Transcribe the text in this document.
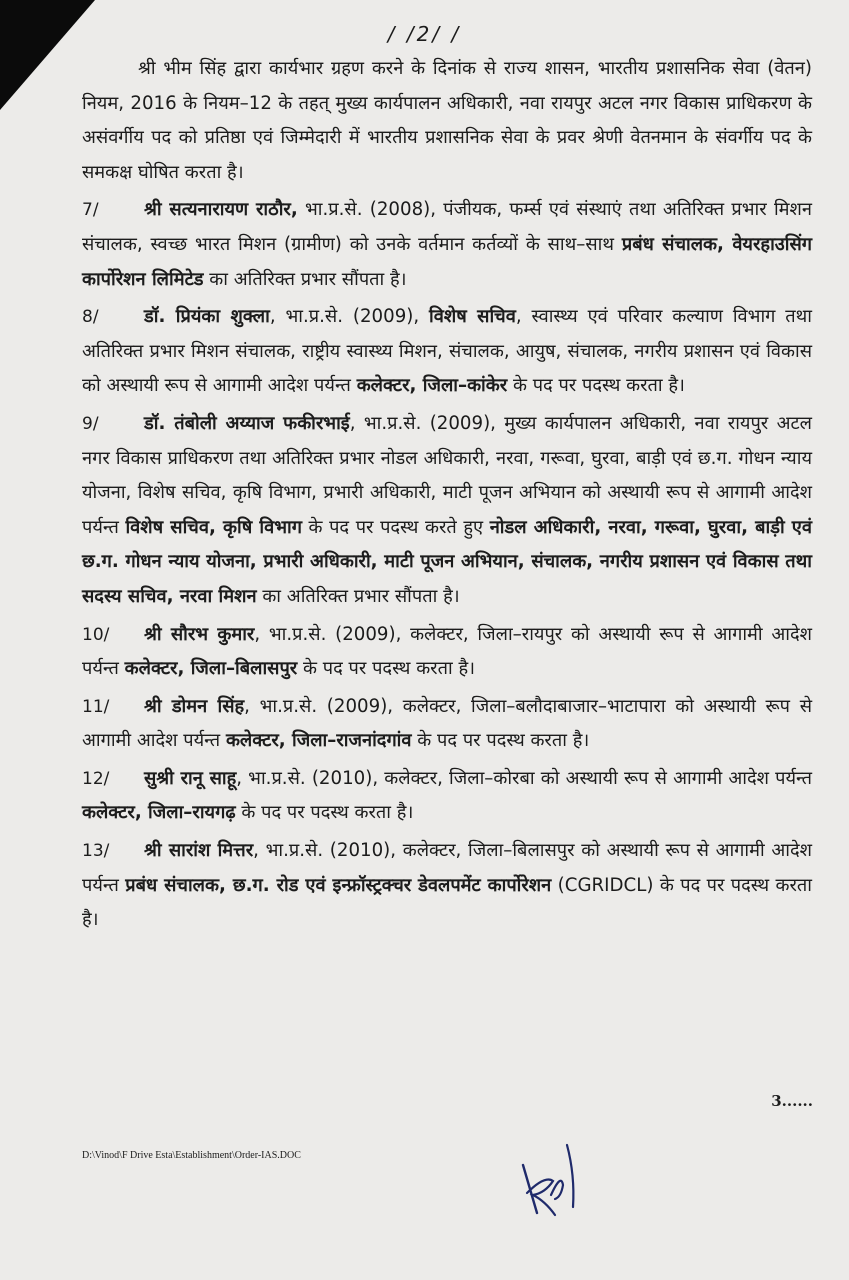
/ /2/ /

श्री भीम सिंह द्वारा कार्यभार ग्रहण करने के दिनांक से राज्य शासन, भारतीय प्रशासनिक सेवा (वेतन) नियम, 2016 के नियम–12 के तहत् मुख्य कार्यपालन अधिकारी, नवा रायपुर अटल नगर विकास प्राधिकरण के असंवर्गीय पद को प्रतिष्ठा एवं जिम्मेदारी में भारतीय प्रशासनिक सेवा के प्रवर श्रेणी वेतनमान के संवर्गीय पद के समकक्ष घोषित करता है।

7/ श्री सत्यनारायण राठौर, भा.प्र.से. (2008), पंजीयक, फर्म्स एवं संस्थाएं तथा अतिरिक्त प्रभार मिशन संचालक, स्वच्छ भारत मिशन (ग्रामीण) को उनके वर्तमान कर्तव्यों के साथ–साथ प्रबंध संचालक, वेयरहाउसिंग कार्पोरेशन लिमिटेड का अतिरिक्त प्रभार सौंपता है।

8/ डॉ. प्रियंका शुक्ला, भा.प्र.से. (2009), विशेष सचिव, स्वास्थ्य एवं परिवार कल्याण विभाग तथा अतिरिक्त प्रभार मिशन संचालक, राष्ट्रीय स्वास्थ्य मिशन, संचालक, आयुष, संचालक, नगरीय प्रशासन एवं विकास को अस्थायी रूप से आगामी आदेश पर्यन्त कलेक्टर, जिला–कांकेर के पद पर पदस्थ करता है।

9/ डॉ. तंबोली अय्याज फकीरभाई, भा.प्र.से. (2009), मुख्य कार्यपालन अधिकारी, नवा रायपुर अटल नगर विकास प्राधिकरण तथा अतिरिक्त प्रभार नोडल अधिकारी, नरवा, गरूवा, घुरवा, बाड़ी एवं छ.ग. गोधन न्याय योजना, विशेष सचिव, कृषि विभाग, प्रभारी अधिकारी, माटी पूजन अभियान को अस्थायी रूप से आगामी आदेश पर्यन्त विशेष सचिव, कृषि विभाग के पद पर पदस्थ करते हुए नोडल अधिकारी, नरवा, गरूवा, घुरवा, बाड़ी एवं छ.ग. गोधन न्याय योजना, प्रभारी अधिकारी, माटी पूजन अभियान, संचालक, नगरीय प्रशासन एवं विकास तथा सदस्य सचिव, नरवा मिशन का अतिरिक्त प्रभार सौंपता है।

10/ श्री सौरभ कुमार, भा.प्र.से. (2009), कलेक्टर, जिला–रायपुर को अस्थायी रूप से आगामी आदेश पर्यन्त कलेक्टर, जिला–बिलासपुर के पद पर पदस्थ करता है।

11/ श्री डोमन सिंह, भा.प्र.से. (2009), कलेक्टर, जिला–बलौदाबाजार–भाटापारा को अस्थायी रूप से आगामी आदेश पर्यन्त कलेक्टर, जिला–राजनांदगांव के पद पर पदस्थ करता है।

12/ सुश्री रानू साहू, भा.प्र.से. (2010), कलेक्टर, जिला–कोरबा को अस्थायी रूप से आगामी आदेश पर्यन्त कलेक्टर, जिला–रायगढ़ के पद पर पदस्थ करता है।

13/ श्री सारांश मित्तर, भा.प्र.से. (2010), कलेक्टर, जिला–बिलासपुर को अस्थायी रूप से आगामी आदेश पर्यन्त प्रबंध संचालक, छ.ग. रोड एवं इन्फ्रॉस्ट्रक्चर डेवलपमेंट कार्पोरेशन (CGRIDCL) के पद पर पदस्थ करता है।

3......
D:\Vinod\F Drive Esta\Establishment\Order-IAS.DOC
